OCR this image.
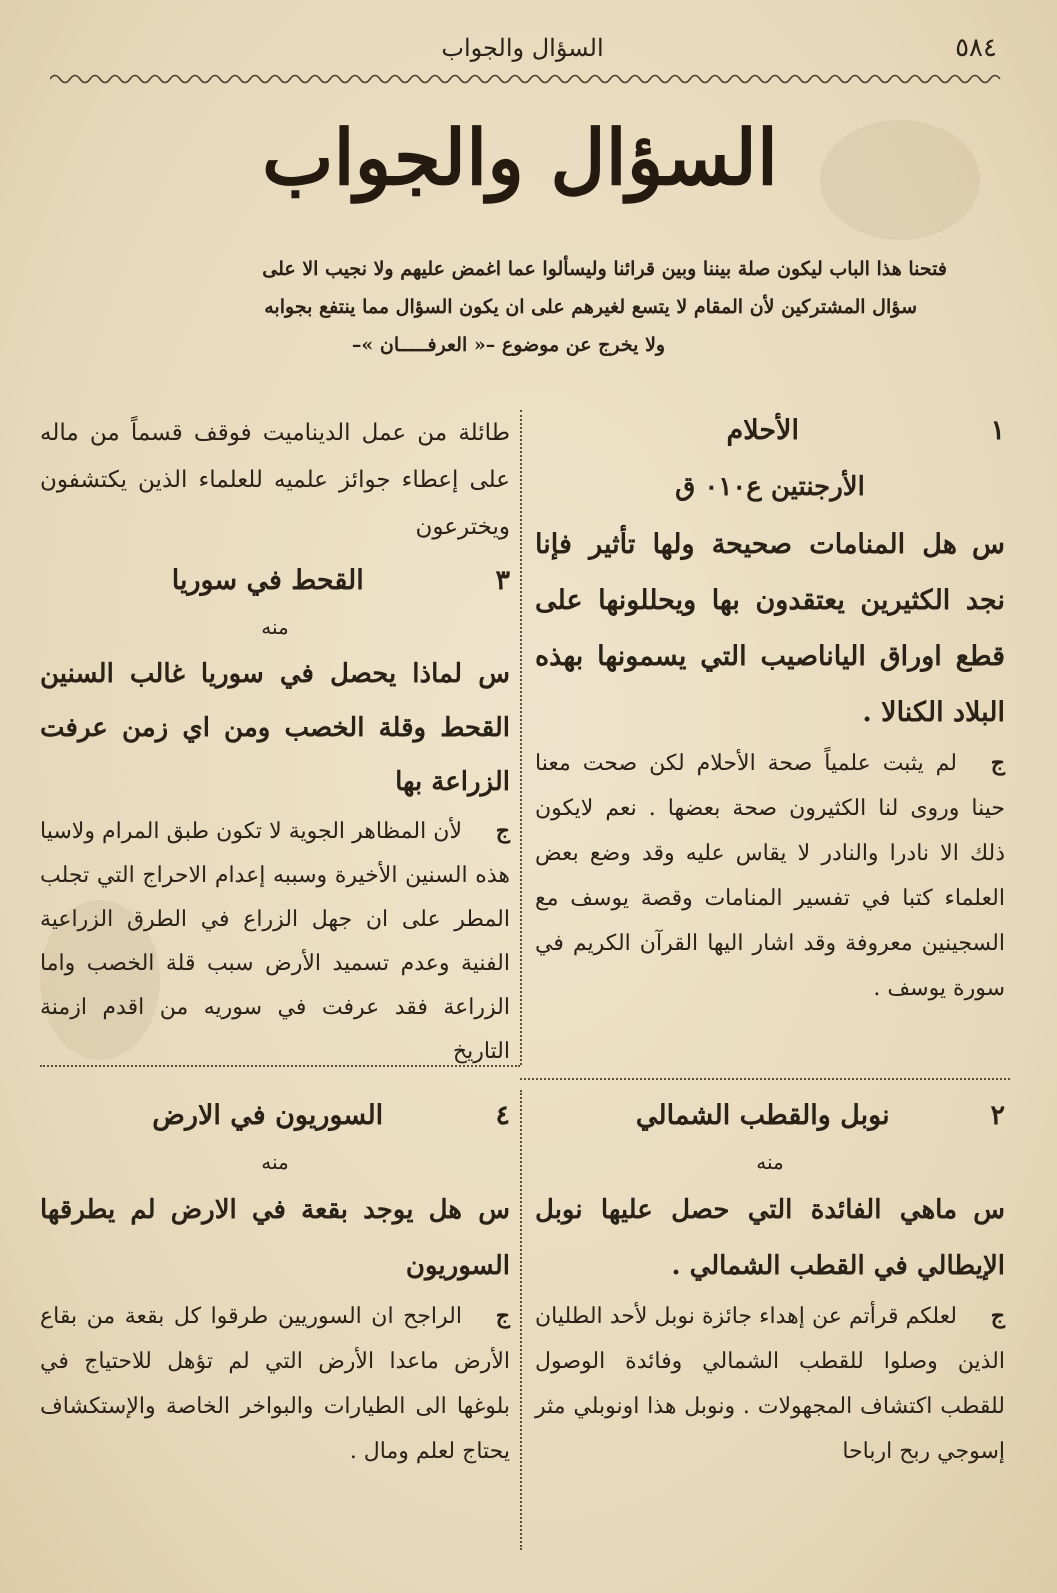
٥٨٤
السؤال والجواب
السؤال والجواب
فتحنا هذا الباب ليكون صلة بيننا وبين قرائنا وليسألوا عما اغمض عليهم ولا نجيب الا على
سؤال المشتركين لأن المقام لا يتسع لغيرهم على ان يكون السؤال مما ينتفع بجوابه
ولا يخرج عن موضوع –« العرفـــــان »–
١
الأحلام
الأرجنتين ع٠١٠ ق
سهل المنامات صحيحة ولها تأثير فإنا نجد الكثيرين يعتقدون بها ويحللونها على قطع اوراق الياناصيب التي يسمونها بهذه البلاد الكنالا .
جلم يثبت علمياً صحة الأحلام لكن صحت معنا حينا وروى لنا الكثيرون صحة بعضها . نعم لايكون ذلك الا نادرا والنادر لا يقاس عليه وقد وضع بعض العلماء كتبا في تفسير المنامات وقصة يوسف مع السجينين معروفة وقد اشار اليها القرآن الكريم في سورة يوسف .
طائلة من عمل الديناميت فوقف قسماً من ماله على إعطاء جوائز علميه للعلماء الذين يكتشفون ويخترعون
٣
القحط في سوريا
منه
سلماذا يحصل في سوريا غالب السنين القحط وقلة الخصب ومن اي زمن عرفت الزراعة بها
جلأن المظاهر الجوية لا تكون طبق المرام ولاسيا هذه السنين الأخيرة وسببه إعدام الاحراج التي تجلب المطر على ان جهل الزراع في الطرق الزراعية الفنية وعدم تسميد الأرض سبب قلة الخصب واما الزراعة فقد عرفت في سوريه من اقدم ازمنة التاريخ
٢
نوبل والقطب الشمالي
منه
سماهي الفائدة التي حصل عليها نوبل الإيطالي في القطب الشمالي .
جلعلكم قرأتم عن إهداء جائزة نوبل لأحد الطليان الذين وصلوا للقطب الشمالي وفائدة الوصول للقطب اكتشاف المجهولات . ونوبل هذا اونوبلي مثر إسوجي ربح ارباحا
٤
السوريون في الارض
منه
سهل يوجد بقعة في الارض لم يطرقها السوريون
جالراجح ان السوريين طرقوا كل بقعة من بقاع الأرض ماعدا الأرض التي لم تؤهل للاحتياج في بلوغها الى الطيارات والبواخر الخاصة والإستكشاف يحتاج لعلم ومال .
